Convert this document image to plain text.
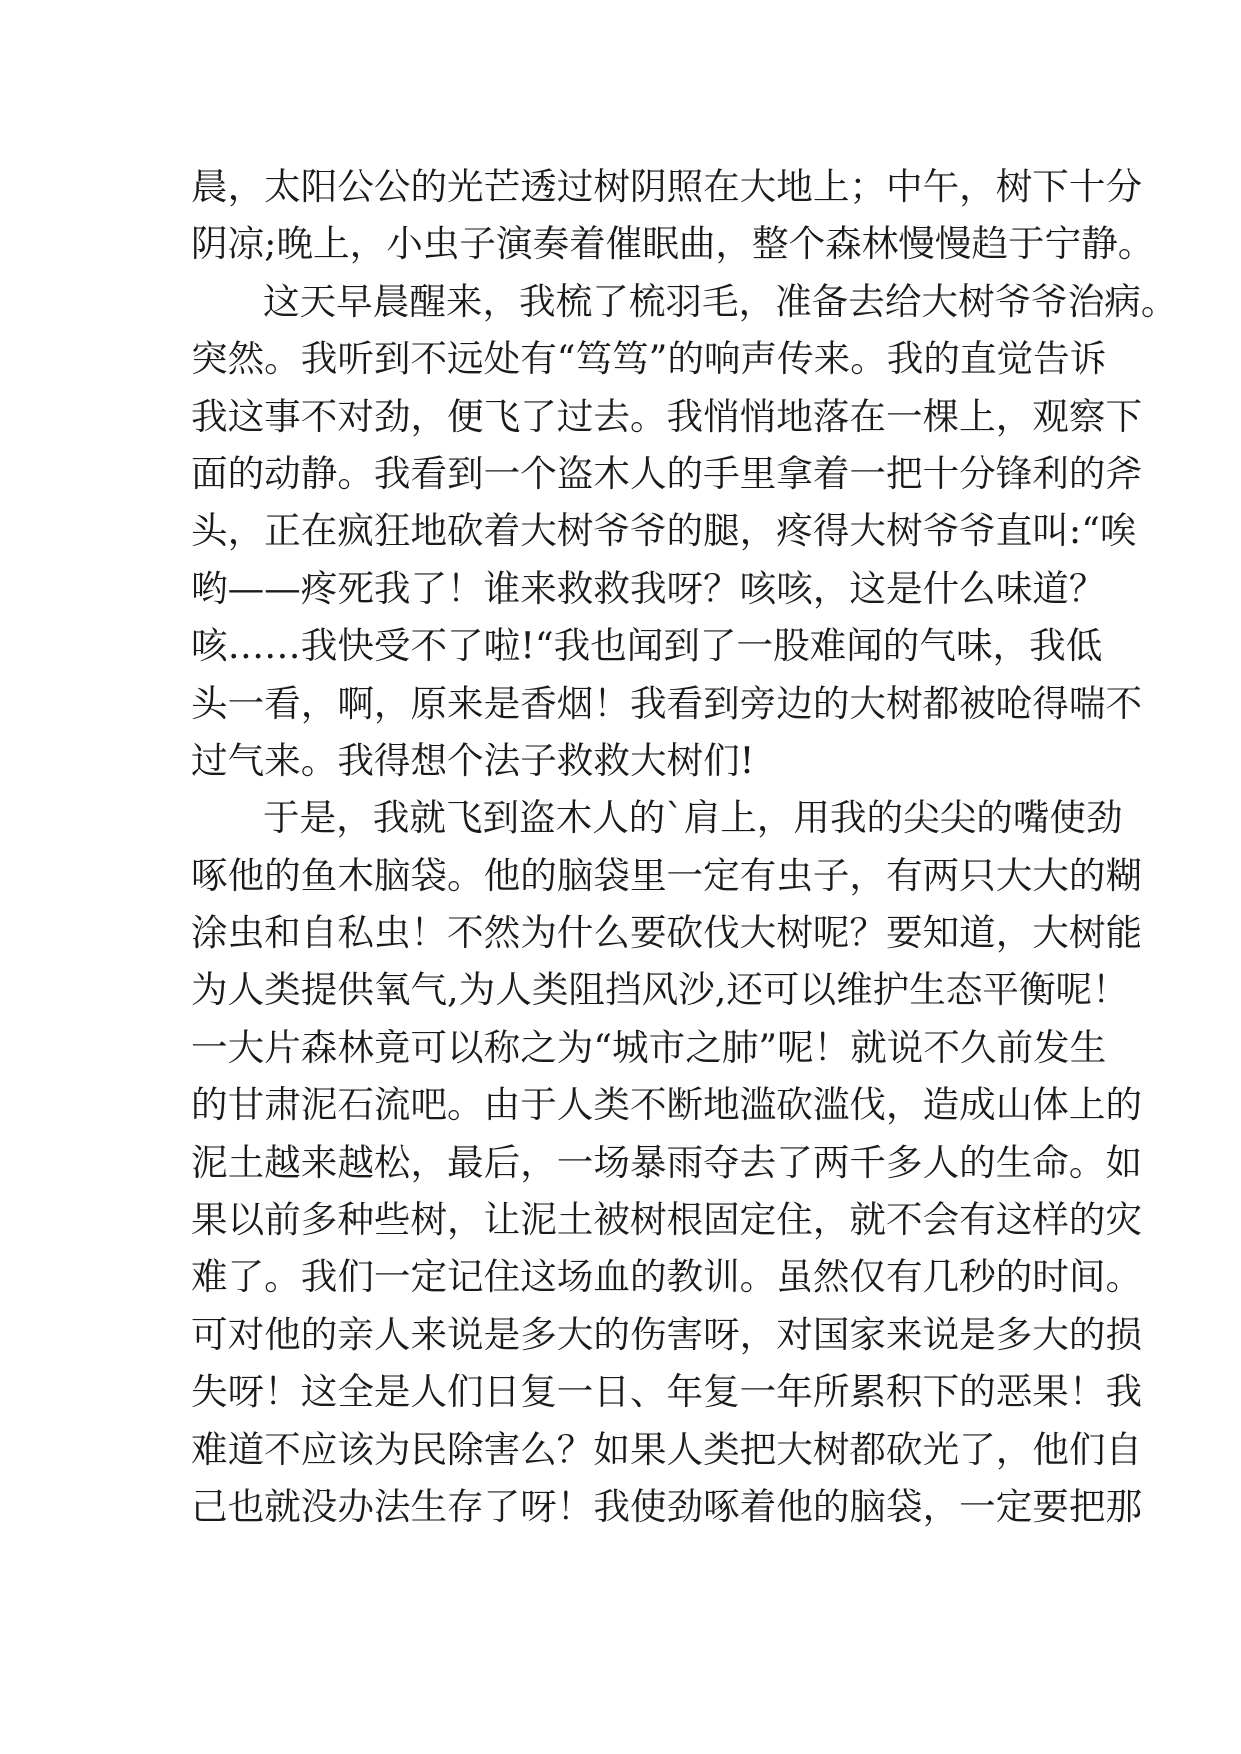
晨，太阳公公的光芒透过树阴照在大地上；中午，树下十分
阴凉;晚上，小虫子演奏着催眠曲，整个森林慢慢趋于宁静。
这天早晨醒来，我梳了梳羽毛，准备去给大树爷爷治病。
突然。我听到不远处有“笃笃”的响声传来。我的直觉告诉
我这事不对劲，便飞了过去。我悄悄地落在一棵上，观察下
面的动静。我看到一个盗木人的手里拿着一把十分锋利的斧
头，正在疯狂地砍着大树爷爷的腿，疼得大树爷爷直叫:“唉
哟——疼死我了！谁来救救我呀？咳咳，这是什么味道？
咳……我快受不了啦!“我也闻到了一股难闻的气味，我低
头一看，啊，原来是香烟！我看到旁边的大树都被呛得喘不
过气来。我得想个法子救救大树们!
于是，我就飞到盗木人的`肩上，用我的尖尖的嘴使劲
啄他的鱼木脑袋。他的脑袋里一定有虫子，有两只大大的糊
涂虫和自私虫！不然为什么要砍伐大树呢？要知道，大树能
为人类提供氧气,为人类阻挡风沙,还可以维护生态平衡呢！
一大片森林竟可以称之为“城市之肺”呢！就说不久前发生
的甘肃泥石流吧。由于人类不断地滥砍滥伐，造成山体上的
泥土越来越松，最后，一场暴雨夺去了两千多人的生命。如
果以前多种些树，让泥土被树根固定住，就不会有这样的灾
难了。我们一定记住这场血的教训。虽然仅有几秒的时间。
可对他的亲人来说是多大的伤害呀，对国家来说是多大的损
失呀！这全是人们日复一日、年复一年所累积下的恶果！我
难道不应该为民除害么？如果人类把大树都砍光了，他们自
己也就没办法生存了呀！我使劲啄着他的脑袋，一定要把那
